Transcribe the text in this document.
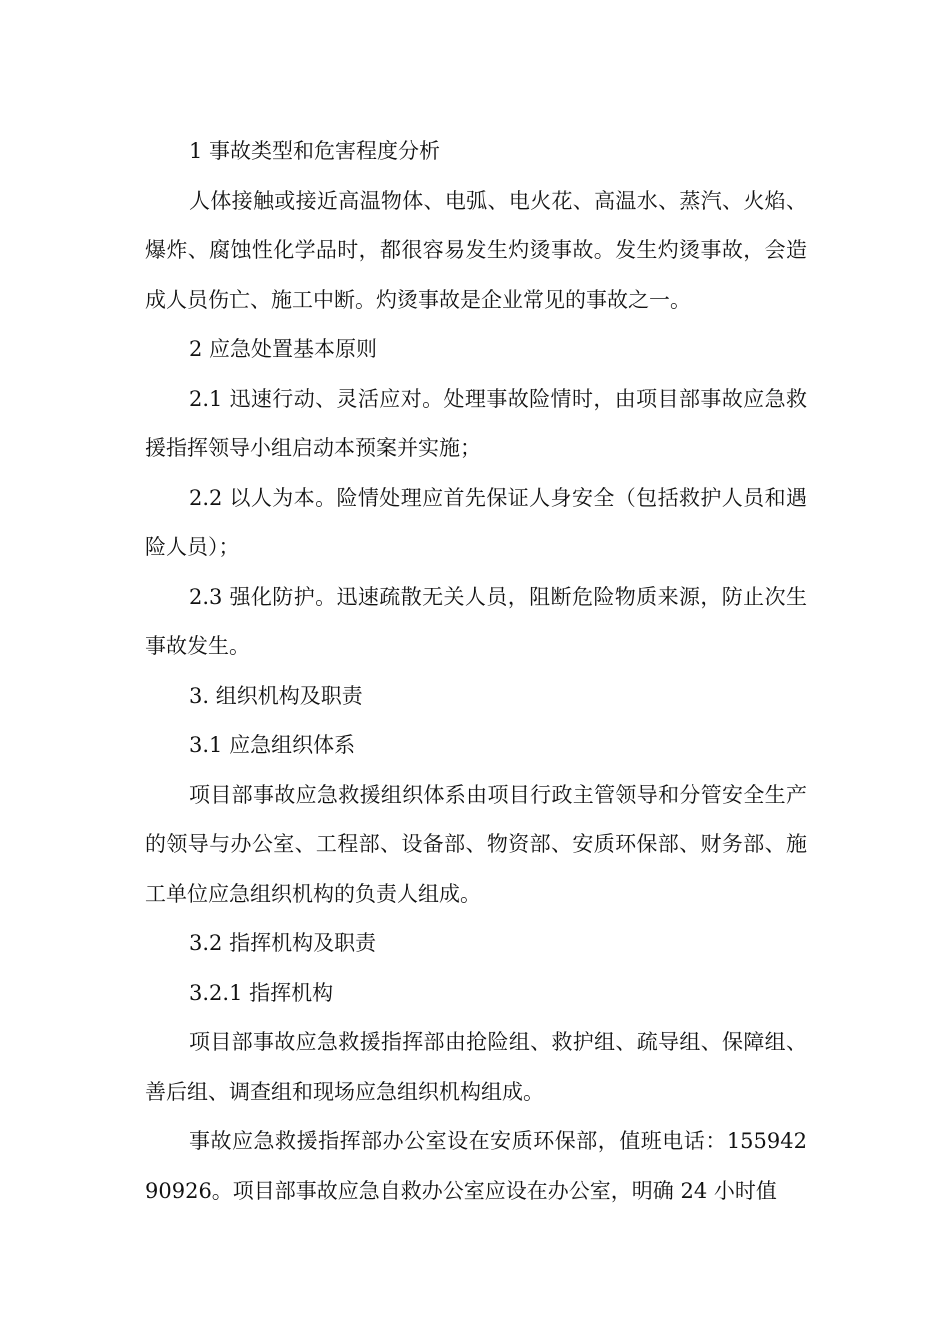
1 事故类型和危害程度分析

人体接触或接近高温物体、电弧、电火花、高温水、蒸汽、火焰、爆炸、腐蚀性化学品时，都很容易发生灼烫事故。发生灼烫事故，会造成人员伤亡、施工中断。灼烫事故是企业常见的事故之一。

2 应急处置基本原则

2.1 迅速行动、灵活应对。处理事故险情时，由项目部事故应急救援指挥领导小组启动本预案并实施；

2.2 以人为本。险情处理应首先保证人身安全（包括救护人员和遇险人员）；

2.3 强化防护。迅速疏散无关人员，阻断危险物质来源，防止次生事故发生。

3. 组织机构及职责

3.1 应急组织体系

项目部事故应急救援组织体系由项目行政主管领导和分管安全生产的领导与办公室、工程部、设备部、物资部、安质环保部、财务部、施工单位应急组织机构的负责人组成。

3.2 指挥机构及职责

3.2.1 指挥机构

项目部事故应急救援指挥部由抢险组、救护组、疏导组、保障组、善后组、调查组和现场应急组织机构组成。

事故应急救援指挥部办公室设在安质环保部，值班电话：15594290926。项目部事故应急自救办公室应设在办公室，明确 24 小时值
